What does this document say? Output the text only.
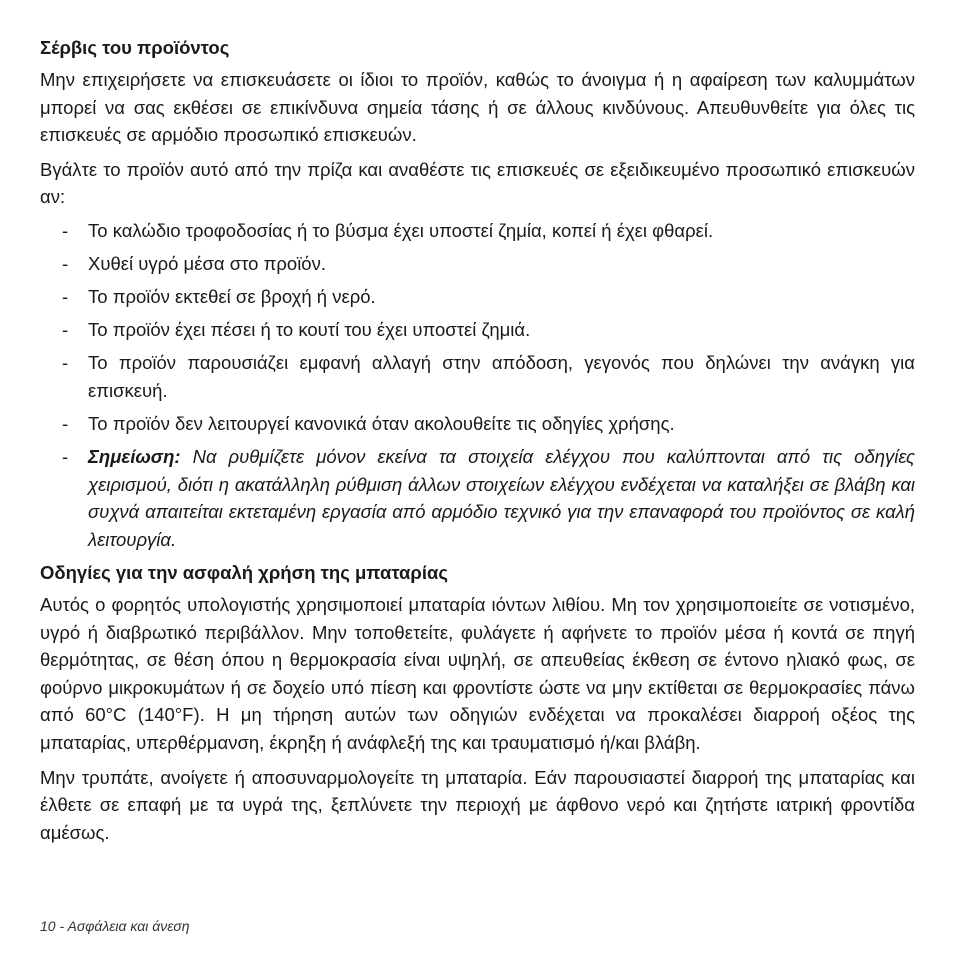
Σέρβις του προϊόντος

Μην επιχειρήσετε να επισκευάσετε οι ίδιοι το προϊόν, καθώς το άνοιγμα ή η αφαίρεση των καλυμμάτων μπορεί να σας εκθέσει σε επικίνδυνα σημεία τάσης ή σε άλλους κινδύνους. Απευθυνθείτε για όλες τις επισκευές σε αρμόδιο προσωπικό επισκευών.

Βγάλτε το προϊόν αυτό από την πρίζα και αναθέστε τις επισκευές σε εξειδικευμένο προσωπικό επισκευών αν:

-	Το καλώδιο τροφοδοσίας ή το βύσμα έχει υποστεί ζημία, κοπεί ή έχει φθαρεί.
-	Χυθεί υγρό μέσα στο προϊόν.
-	Το προϊόν εκτεθεί σε βροχή ή νερό.
-	Το προϊόν έχει πέσει ή το κουτί του έχει υποστεί ζημιά.
-	Το προϊόν παρουσιάζει εμφανή αλλαγή στην απόδοση, γεγονός που δηλώνει την ανάγκη για επισκευή.
-	Το προϊόν δεν λειτουργεί κανονικά όταν ακολουθείτε τις οδηγίες χρήσης.
-	Σημείωση: Να ρυθμίζετε μόνον εκείνα τα στοιχεία ελέγχου που καλύπτονται από τις οδηγίες χειρισμού, διότι η ακατάλληλη ρύθμιση άλλων στοιχείων ελέγχου ενδέχεται να καταλήξει σε βλάβη και συχνά απαιτείται εκτεταμένη εργασία από αρμόδιο τεχνικό για την επαναφορά του προϊόντος σε καλή λειτουργία.
Οδηγίες για την ασφαλή χρήση της μπαταρίας

Αυτός ο φορητός υπολογιστής χρησιμοποιεί μπαταρία ιόντων λιθίου. Μη τον χρησιμοποιείτε σε νοτισμένο, υγρό ή διαβρωτικό περιβάλλον. Μην τοποθετείτε, φυλάγετε ή αφήνετε το προϊόν μέσα ή κοντά σε πηγή θερμότητας, σε θέση όπου η θερμοκρασία είναι υψηλή, σε απευθείας έκθεση σε έντονο ηλιακό φως, σε φούρνο μικροκυμάτων ή σε δοχείο υπό πίεση και φροντίστε ώστε να μην εκτίθεται σε θερμοκρασίες πάνω από 60°C (140°F). Η μη τήρηση αυτών των οδηγιών ενδέχεται να προκαλέσει διαρροή οξέος της μπαταρίας, υπερθέρμανση, έκρηξη ή ανάφλεξή της και τραυματισμό ή/και βλάβη.

Μην τρυπάτε, ανοίγετε ή αποσυναρμολογείτε τη μπαταρία. Εάν παρουσιαστεί διαρροή της μπαταρίας και έλθετε σε επαφή με τα υγρά της, ξεπλύνετε την περιοχή με άφθονο νερό και ζητήστε ιατρική φροντίδα αμέσως.

10 - Ασφάλεια και άνεση
